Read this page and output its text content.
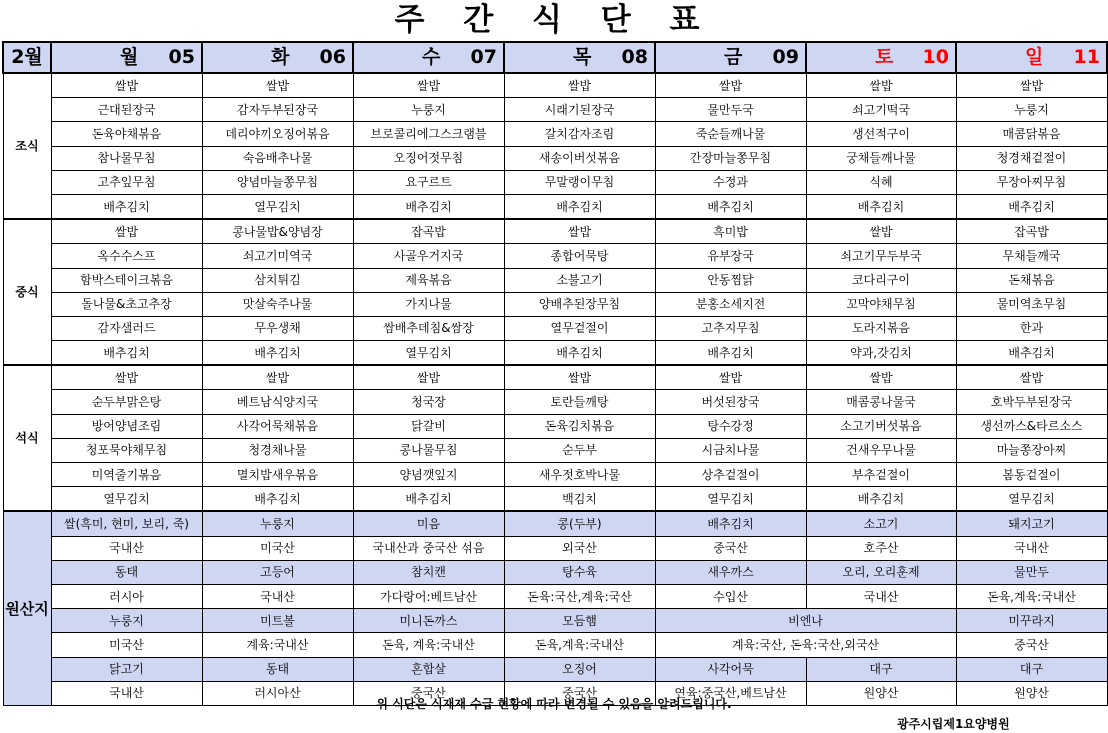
주 간 식 단 표
2월	월 05	화 06	수 07	목 08	금 09	토 10	일 11

조식	쌀밥	쌀밥	쌀밥	쌀밥	쌀밥	쌀밥	쌀밥
	근대된장국	감자두부된장국	누룽지	시래기된장국	물만두국	쇠고기떡국	누룽지
	돈육야채볶음	데리야끼오징어볶음	브로콜리에그스크램블	갈치감자조림	죽순들깨나물	생선적구이	매콤닭볶음
	참나물무침	숙음배추나물	오징어젓무침	새송이버섯볶음	간장마늘쫑무침	궁채들깨나물	청경채겉절이
	고추잎무침	양념마늘쫑무침	요구르트	무말랭이무침	수정과	식혜	무장아찌무침
	배추김치	열무김치	배추김치	배추김치	배추김치	배추김치	배추김치
중식	쌀밥	콩나물밥&양념장	잡곡밥	쌀밥	흑미밥	쌀밥	잡곡밥
	옥수수스프	쇠고기미역국	사골우거지국	종합어묵탕	유부장국	쇠고기무두부국	무채들깨국
	함박스테이크볶음	삼치튀김	제육볶음	소불고기	안동찜닭	코다리구이	돈채볶음
	돌나물&초고추장	맛살숙주나물	가지나물	양배추된장무침	분홍소세지전	꼬막야채무침	물미역초무침
	감자샐러드	무우생채	쌈배추데침&쌈장	열무겉절이	고추지무침	도라지볶음	한과
	배추김치	배추김치	열무김치	배추김치	배추김치	약과,갓김치	배추김치
석식	쌀밥	쌀밥	쌀밥	쌀밥	쌀밥	쌀밥	쌀밥
	순두부맑은탕	베트남식양지국	청국장	토란들깨탕	버섯된장국	매콤콩나물국	호박두부된장국
	방어양념조림	사각어묵채볶음	닭갈비	돈육김치볶음	탕수강정	소고기버섯볶음	생선까스&타르소스
	청포묵야채무침	청경채나물	콩나물무침	순두부	시금치나물	건새우무나물	마늘쫑장아찌
	미역줄기볶음	멸치밥새우볶음	양념깻잎지	새우젓호박나물	상추겉절이	부추겉절이	봄동겉절이
	열무김치	배추김치	배추김치	백김치	열무김치	배추김치	열무김치
원산지	쌀(흑미, 현미, 보리, 죽)	누룽지	미음	콩(두부)	배추김치	소고기	돼지고기
	국내산	미국산	국내산과 중국산 섞음	외국산	중국산	호주산	국내산
	동태	고등어	참치캔	탕수육	새우까스	오리, 오리훈제	물만두
	러시아	국내산	가다랑어:베트남산	돈육:국산,계육:국산	수입산	국내산	돈육,계육:국내산
	누룽지	미트볼	미니돈까스	모듬햄	비엔나		미꾸라지
	미국산	계육:국내산	돈육, 계육:국내산	돈육,계육:국내산	계육:국산, 돈육:국산,외국산		중국산
	닭고기	동태	혼합살	오징어	사각어묵	대구	대구
	국내산	러시아산	중국산	중국산	연육:중국산,베트남산	원양산	원양산
위 식단은 식재재 수급 현황에 따라 변경될 수 있음을 알려드립니다.
광주시립제1요양병원
